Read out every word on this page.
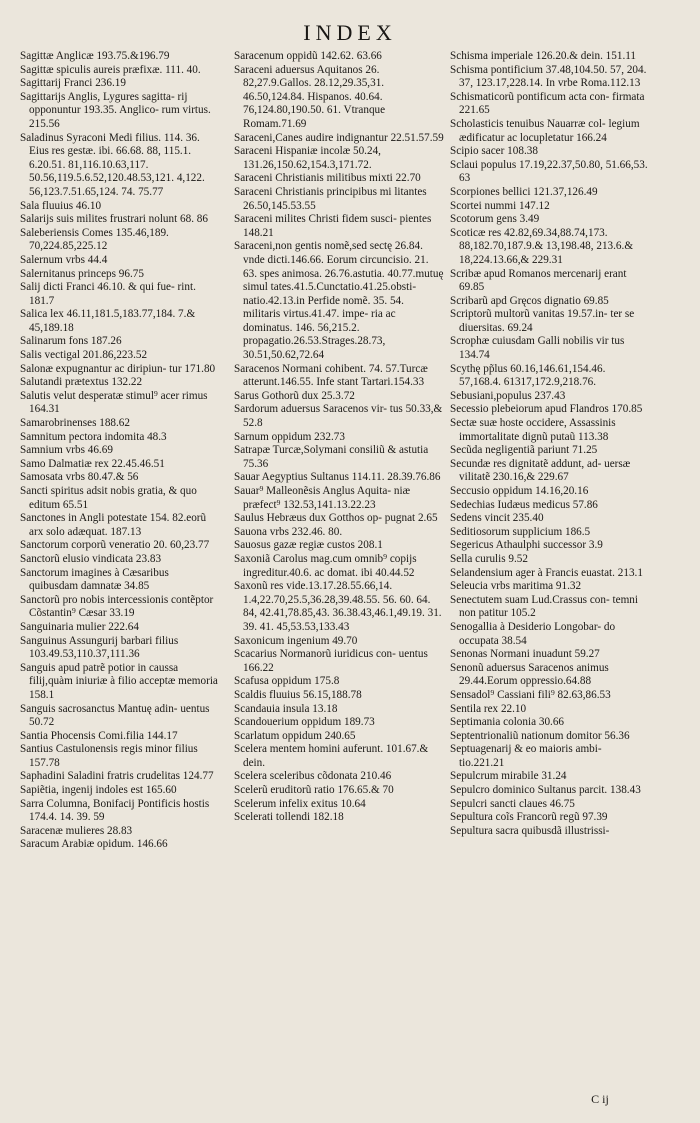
INDEX

Sagittæ Anglicæ 193.75.&196.79

Sagittæ spiculis aureis præfixæ. 111. 40.

Sagittarij Franci 236.19

Sagittarijs Anglis, Lygures sagitta- rij opponuntur 193.35. Anglico- rum virtus. 215.56

Saladinus Syraconi Medi filius. 114. 36. Eius res gestæ. ibi. 66.68. 88, 115.1. 6.20.51. 81,116.10.63,117. 50.56,119.5.6.52,120.48.53,121. 4,122. 56,123.7.51.65,124. 74. 75.77

Sala fluuius 46.10

Salarijs suis milites frustrari nolunt 68. 86

Saleberiensis Comes 135.46,189. 70,224.85,225.12

Salernum vrbs 44.4

Salernitanus princeps 96.75

Salij dicti Franci 46.10. & qui fue- rint. 181.7

Salica lex 46.11,181.5,183.77,184. 7.& 45,189.18

Salinarum fons 187.26

Salis vectigal 201.86,223.52

Salonæ expugnantur ac diripiun- tur 171.80

Salutandi prætextus 132.22

Salutis velut desperatæ stimul⁹ acer rimus 164.31

Samarobrinenses 188.62

Samnitum pectora indomita 48.3

Samnium vrbs 46.69

Samo Dalmatiæ rex 22.45.46.51

Samosata vrbs 80.47.& 56

Sancti spiritus adsit nobis gratia, & quo editum 65.51

Sanctones in Angli potestate 154. 82.eorũ arx solo adæquat. 187.13

Sanctorum corporũ veneratio 20. 60,23.77

Sanctorũ elusio vindicata 23.83

Sanctorum imagines à Cæsaribus quibusdam damnatæ 34.85

Sanctorũ pro nobis intercessionis contẽptor Cõstantin⁹ Cæsar 33.19

Sanguinaria mulier 222.64

Sanguinus Assungurij barbari filius 103.49.53,110.37,111.36

Sanguis apud patrẽ potior in caussa filij,quàm iniuriæ à filio acceptæ memoria 158.1

Sanguis sacrosanctus Mantuę adin- uentus 50.72

Santia Phocensis Comi.filia 144.17

Santius Castulonensis regis minor filius 157.78

Saphadini Saladini fratris crudelitas 124.77

Sapiẽtia, ingenij indoles est 165.60

Sarra Columna, Bonifacij Pontificis hostis 174.4. 14. 39. 59

Saracenæ mulieres 28.83

Saracum Arabiæ opidum. 146.66

Saracenum oppidũ 142.62. 63.66

Saraceni aduersus Aquitanos 26. 82,27.9.Gallos. 28.12,29.35,31. 46.50,124.84. Hispanos. 40.64. 76,124.80,190.50. 61. Vtranque Romam.71.69

Saraceni,Canes audire indignantur 22.51.57.59

Saraceni Hispaniæ incolæ 50.24, 131.26,150.62,154.3,171.72.

Saraceni Christianis militibus mixti 22.70

Saraceni Christianis principibus mi litantes 26.50,145.53.55

Saraceni milites Christi fidem susci- pientes 148.21

Saraceni,non gentis nomẽ,sed sectę 26.84. vnde dicti.146.66. Eorum circuncisio. 21. 63. spes animosa. 26.76.astutia. 40.77.mutuę simul tates.41.5.Cunctatio.41.25.obsti- natio.42.13.in Perfide nomẽ. 35. 54. militaris virtus.41.47. impe- ria ac dominatus. 146. 56,215.2. propagatio.26.53.Strages.28.73, 30.51,50.62,72.64

Saracenos Normani cohibent. 74. 57.Turcæ atterunt.146.55. Infe stant Tartari.154.33

Sarus Gothorũ dux 25.3.72

Sardorum aduersus Saracenos vir- tus 50.33,& 52.8

Sarnum oppidum 232.73

Satrapæ Turcæ,Solymani consiliũ & astutia 75.36

Sauar Aegyptius Sultanus 114.11. 28.39.76.86

Sauar⁹ Malleonẽsis Anglus Aquita- niæ præfect⁹ 132.53,141.13.22.23

Saulus Hebræus dux Gotthos op- pugnat 2.65

Sauona vrbs 232.46. 80.

Sauosus gazæ regiæ custos 208.1

Saxoniã Carolus mag.cum omnib⁹ copijs ingreditur.40.6. ac domat. ibi 40.44.52

Saxonũ res vide.13.17.28.55.66,14. 1.4,22.70,25.5,36.28,39.48.55. 56. 60. 64. 84, 42.41,78.85,43. 36.38.43,46.1,49.19. 31. 39. 41. 45,53.53,133.43

Saxonicum ingenium 49.70

Scacarius Normanorũ iuridicus con- uentus 166.22

Scafusa oppidum 175.8

Scaldis fluuius 56.15,188.78

Scandauia insula 13.18

Scandouerium oppidum 189.73

Scarlatum oppidum 240.65

Scelera mentem homini auferunt. 101.67.& dein.

Scelera sceleribus cõdonata 210.46

Scelerũ eruditorũ ratio 176.65.& 70

Scelerum infelix exitus 10.64

Scelerati tollendi 182.18

Schisma imperiale 126.20.& dein. 151.11

Schisma pontificium 37.48,104.50. 57, 204. 37, 123.17,228.14. In vrbe Roma.112.13

Schismaticorũ pontificum acta con- firmata 221.65

Scholasticis tenuibus Nauarræ col- legium ædificatur ac locupletatur 166.24

Scipio sacer 108.38

Sclaui populus 17.19,22.37,50.80, 51.66,53. 63

Scorpiones bellici 121.37,126.49

Scortei nummi 147.12

Scotorum gens 3.49

Scoticæ res 42.82,69.34,88.74,173. 88,182.70,187.9.& 13,198.48, 213.6.& 18,224.13.66,& 229.31

Scribæ apud Romanos mercenarij erant 69.85

Scribarũ apd Gręcos dignatio 69.85

Scriptorũ multorũ vanitas 19.57.in- ter se diuersitas. 69.24

Scrophæ cuiusdam Galli nobilis vir tus 134.74

Scythę pp̃lus 60.16,146.61,154.46. 57,168.4. 61317,172.9,218.76.

Sebusiani,populus 237.43

Secessio plebeiorum apud Flandros 170.85

Sectæ suæ hoste occidere, Assassinis immortalitate dignũ putaũ 113.38

Secũda negligentiã pariunt 71.25

Secundæ res dignitatẽ addunt, ad- uersæ vilitatẽ 230.16,& 229.67

Seccusio oppidum 14.16,20.16

Sedechias Iudæus medicus 57.86

Sedens vincit 235.40

Seditiosorum supplicium 186.5

Segericus Athaulphi successor 3.9

Sella curulis 9.52

Selandensium ager à Francis euastat. 213.1

Seleucia vrbs maritima 91.32

Senectutem suam Lud.Crassus con- temni non patitur 105.2

Senogallia à Desiderio Longobar- do occupata 38.54

Senonas Normani inuadunt 59.27

Senonũ aduersus Saracenos animus 29.44.Eorum oppressio.64.88

Sensadol⁹ Cassiani fili⁹ 82.63,86.53

Sentila rex 22.10

Septimania colonia 30.66

Septentrionaliũ nationum domitor 56.36

Septuagenarij & eo maioris ambi- tio.221.21

Sepulcrum mirabile 31.24

Sepulcro dominico Sultanus parcit. 138.43

Sepulcri sancti claues 46.75

Sepultura coĩs Francorũ regũ 97.39

Sepultura sacra quibusdã illustrissi-

C ij
